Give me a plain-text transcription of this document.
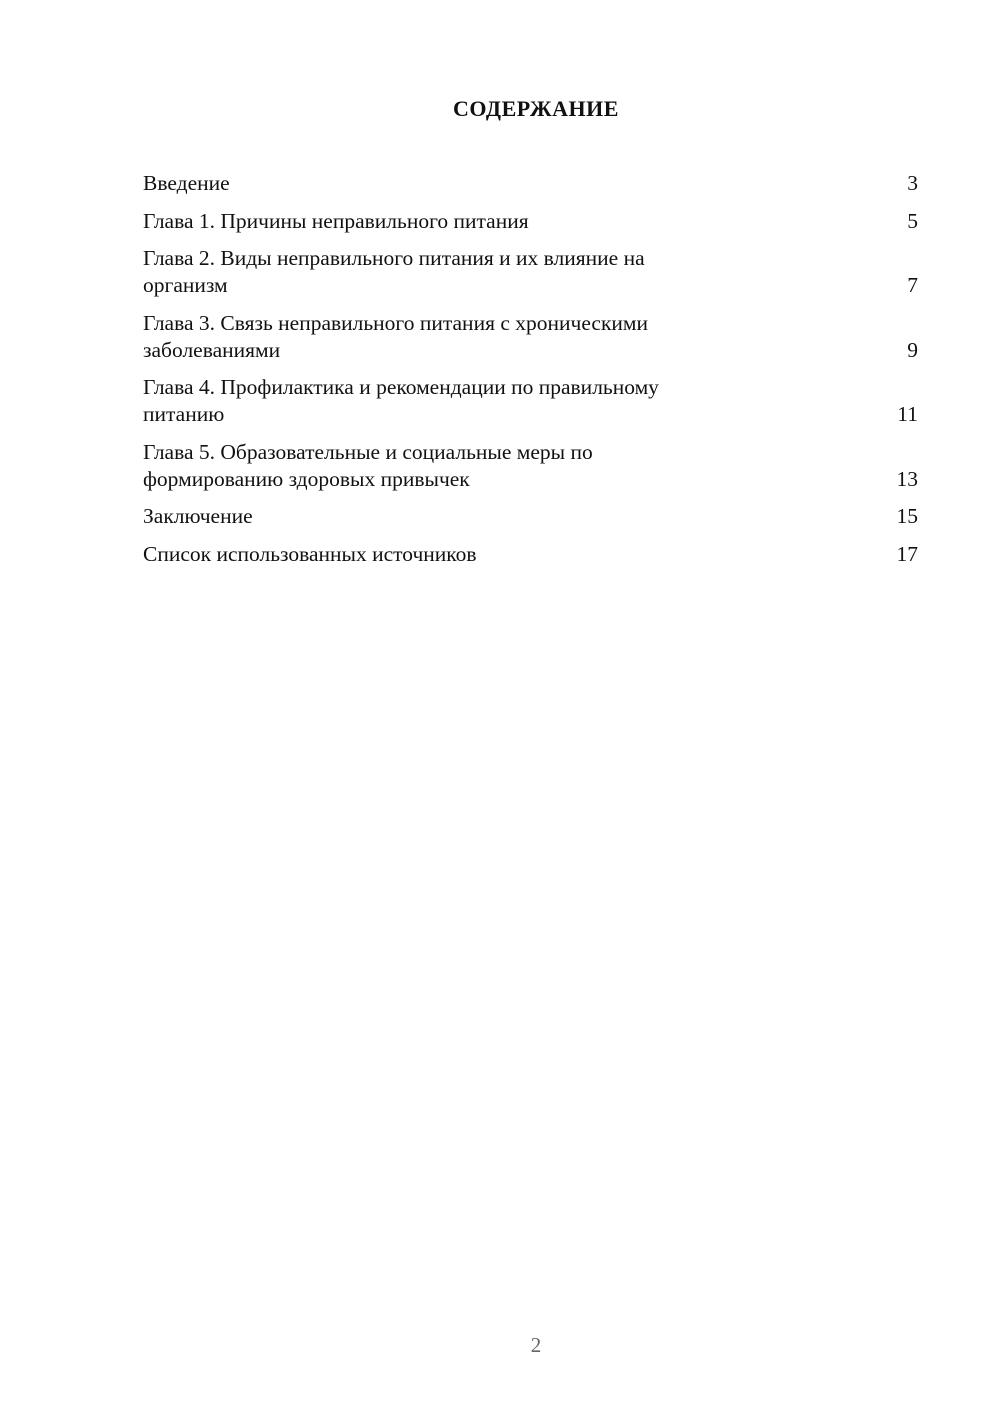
СОДЕРЖАНИЕ
Введение	3
Глава 1. Причины неправильного питания	5
Глава 2. Виды неправильного питания и их влияние на
организм	7
Глава 3. Связь неправильного питания с хроническими
заболеваниями	9
Глава 4. Профилактика и рекомендации по правильному
питанию	11
Глава 5. Образовательные и социальные меры по
формированию здоровых привычек	13
Заключение	15
Список использованных источников	17
2
